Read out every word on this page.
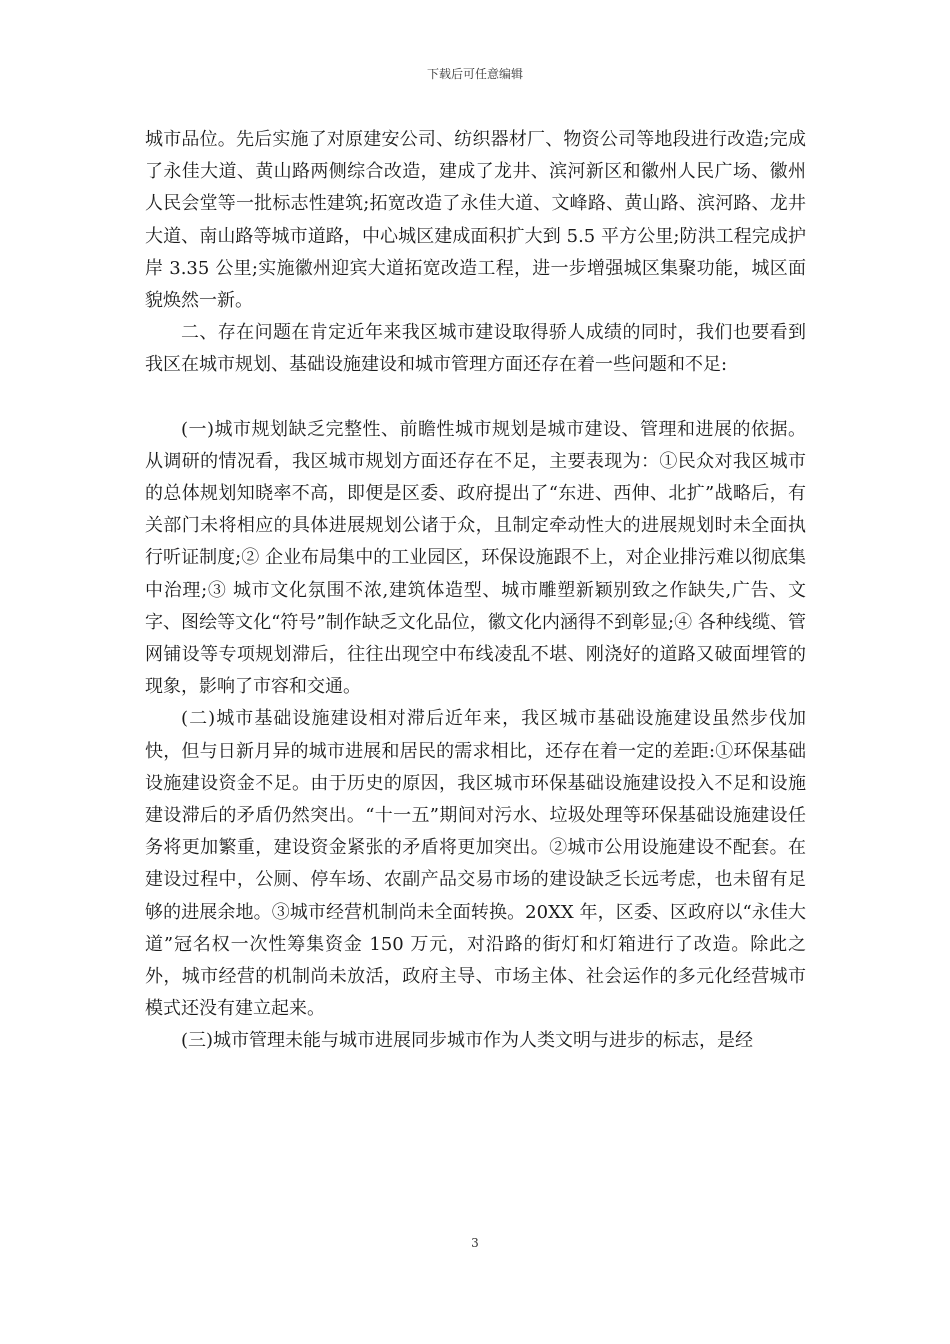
下载后可任意编辑

城市品位。先后实施了对原建安公司、纺织器材厂、物资公司等地段进行改造;完成了永佳大道、黄山路两侧综合改造，建成了龙井、滨河新区和徽州人民广场、徽州人民会堂等一批标志性建筑;拓宽改造了永佳大道、文峰路、黄山路、滨河路、龙井大道、南山路等城市道路，中心城区建成面积扩大到 5.5 平方公里;防洪工程完成护岸 3.35 公里;实施徽州迎宾大道拓宽改造工程，进一步增强城区集聚功能，城区面貌焕然一新。

二、存在问题在肯定近年来我区城市建设取得骄人成绩的同时，我们也要看到我区在城市规划、基础设施建设和城市管理方面还存在着一些问题和不足:

(一)城市规划缺乏完整性、前瞻性城市规划是城市建设、管理和进展的依据。从调研的情况看，我区城市规划方面还存在不足，主要表现为：①民众对我区城市的总体规划知晓率不高，即便是区委、政府提出了“东进、西伸、北扩”战略后，有关部门未将相应的具体进展规划公诸于众，且制定牵动性大的进展规划时未全面执行听证制度;② 企业布局集中的工业园区，环保设施跟不上，对企业排污难以彻底集中治理;③ 城市文化氛围不浓,建筑体造型、城市雕塑新颖别致之作缺失,广告、文字、图绘等文化“符号”制作缺乏文化品位，徽文化内涵得不到彰显;④ 各种线缆、管网铺设等专项规划滞后，往往出现空中布线凌乱不堪、刚浇好的道路又破面埋管的现象，影响了市容和交通。

(二)城市基础设施建设相对滞后近年来，我区城市基础设施建设虽然步伐加快，但与日新月异的城市进展和居民的需求相比，还存在着一定的差距:①环保基础设施建设资金不足。由于历史的原因，我区城市环保基础设施建设投入不足和设施建设滞后的矛盾仍然突出。“十一五”期间对污水、垃圾处理等环保基础设施建设任务将更加繁重，建设资金紧张的矛盾将更加突出。②城市公用设施建设不配套。在建设过程中，公厕、停车场、农副产品交易市场的建设缺乏长远考虑，也未留有足够的进展余地。③城市经营机制尚未全面转换。20XX 年，区委、区政府以“永佳大道”冠名权一次性筹集资金 150 万元，对沿路的街灯和灯箱进行了改造。除此之外，城市经营的机制尚未放活，政府主导、市场主体、社会运作的多元化经营城市模式还没有建立起来。

(三)城市管理未能与城市进展同步城市作为人类文明与进步的标志，是经

3
